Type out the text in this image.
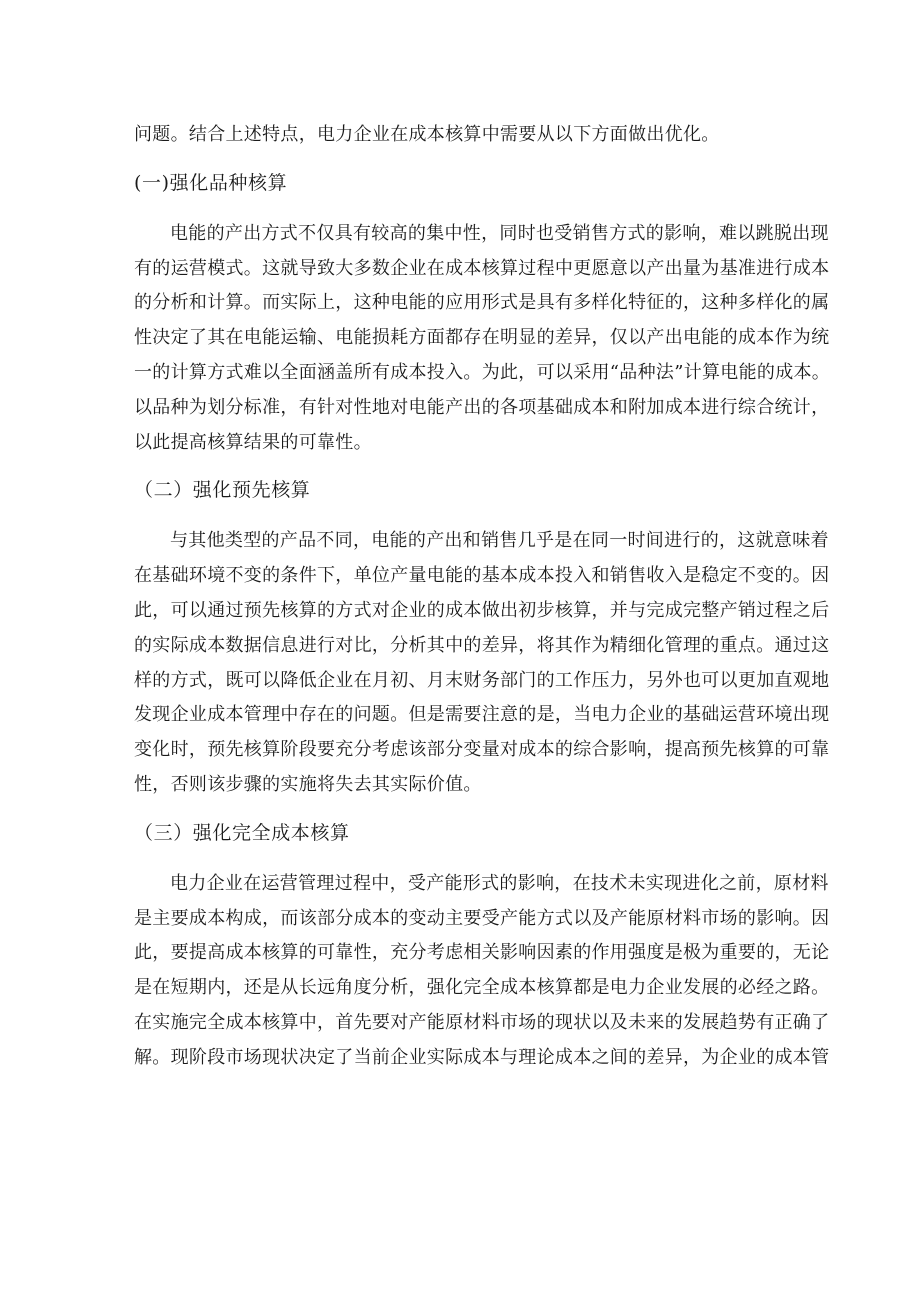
问题。结合上述特点，电力企业在成本核算中需要从以下方面做出优化。
(一)强化品种核算
电能的产出方式不仅具有较高的集中性，同时也受销售方式的影响，难以跳脱出现
有的运营模式。这就导致大多数企业在成本核算过程中更愿意以产出量为基准进行成本
的分析和计算。而实际上，这种电能的应用形式是具有多样化特征的，这种多样化的属
性决定了其在电能运输、电能损耗方面都存在明显的差异，仅以产出电能的成本作为统
一的计算方式难以全面涵盖所有成本投入。为此，可以采用“品种法”计算电能的成本。
以品种为划分标准，有针对性地对电能产出的各项基础成本和附加成本进行综合统计，
以此提高核算结果的可靠性。
（二）强化预先核算
与其他类型的产品不同，电能的产出和销售几乎是在同一时间进行的，这就意味着
在基础环境不变的条件下，单位产量电能的基本成本投入和销售收入是稳定不变的。因
此，可以通过预先核算的方式对企业的成本做出初步核算，并与完成完整产销过程之后
的实际成本数据信息进行对比，分析其中的差异，将其作为精细化管理的重点。通过这
样的方式，既可以降低企业在月初、月末财务部门的工作压力，另外也可以更加直观地
发现企业成本管理中存在的问题。但是需要注意的是，当电力企业的基础运营环境出现
变化时，预先核算阶段要充分考虑该部分变量对成本的综合影响，提高预先核算的可靠
性，否则该步骤的实施将失去其实际价值。
（三）强化完全成本核算
电力企业在运营管理过程中，受产能形式的影响，在技术未实现进化之前，原材料
是主要成本构成，而该部分成本的变动主要受产能方式以及产能原材料市场的影响。因
此，要提高成本核算的可靠性，充分考虑相关影响因素的作用强度是极为重要的，无论
是在短期内，还是从长远角度分析，强化完全成本核算都是电力企业发展的必经之路。
在实施完全成本核算中，首先要对产能原材料市场的现状以及未来的发展趋势有正确了
解。现阶段市场现状决定了当前企业实际成本与理论成本之间的差异，为企业的成本管
